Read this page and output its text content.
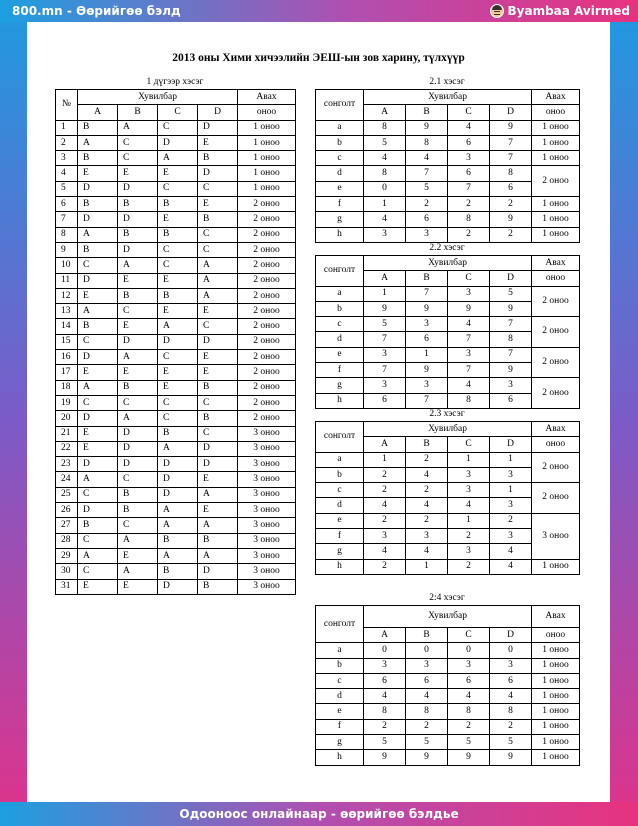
800.mn - Өөрийгөө бэлд	Byambaa Avirmed
2013 оны Хими хичээлийн ЭЕШ-ын зов харину, түлхүүр
1 дүгээр хэсэг
№	Хувилбар				Авах
	A	B	C	D	оноо
1	B	A	C	D	1 оноо
2	A	C	D	E	1 оноо
3	B	C	A	B	1 оноо
4	E	E	E	D	1 оноо
5	D	D	C	C	1 оноо
6	B	B	B	E	2 оноо
7	D	D	E	B	2 оноо
8	A	B	B	C	2 оноо
9	B	D	C	C	2 оноо
10	C	A	C	A	2 оноо
11	D	E	E	A	2 оноо
12	E	B	B	A	2 оноо
13	A	C	E	E	2 оноо
14	B	E	A	C	2 оноо
15	C	D	D	D	2 оноо
16	D	A	C	E	2 оноо
17	E	E	E	E	2 оноо
18	A	B	E	B	2 оноо
19	C	C	C	C	2 оноо
20	D	A	C	B	2 оноо
21	E	D	B	C	3 оноо
22	E	D	A	D	3 оноо
23	D	D	D	D	3 оноо
24	A	C	D	E	3 оноо
25	C	B	D	A	3 оноо
26	D	B	A	E	3 оноо
27	B	C	A	A	3 оноо
28	C	A	B	B	3 оноо
29	A	E	A	A	3 оноо
30	C	A	B	D	3 оноо
31	E	E	D	B	3 оноо
2.1 хэсэг
сонголт	Хувилбар				Авах
	A	B	C	D	оноо
a	8	9	4	9	1 оноо
b	5	8	6	7	1 оноо
c	4	4	3	7	1 оноо
d	8	7	6	8	2 оноо
e	0	5	7	6	
f	1	2	2	2	1 оноо
g	4	6	8	9	1 оноо
h	3	3	2	2	1 оноо
2.2 хэсэг
сонголт	Хувилбар				Авах
	A	B	C	D	оноо
a	1	7	3	5	2 оноо
b	9	9	9	9	
c	5	3	4	7	2 оноо
d	7	6	7	8	
e	3	1	3	7	2 оноо
f	7	9	7	9	
g	3	3	4	3	2 оноо
h	6	7	8	6	
2.3 хэсэг
сонголт	Хувилбар				Авах
	A	B	C	D	оноо
a	1	2	1	1	2 оноо
b	2	4	3	3	
c	2	2	3	1	2 оноо
d	4	4	4	3	
e	2	2	1	2	3 оноо
f	3	3	2	3	
g	4	4	3	4	
h	2	1	2	4	1 оноо
2:4 хэсэг
сонголт	Хувилбар				Авах
	A	B	C	D	оноо
a	0	0	0	0	1 оноо
b	3	3	3	3	1 оноо
c	6	6	6	6	1 оноо
d	4	4	4	4	1 оноо
e	8	8	8	8	1 оноо
f	2	2	2	2	1 оноо
g	5	5	5	5	1 оноо
h	9	9	9	9	1 оноо
Одооноос онлайнаар - өөрийгөө бэлдье
